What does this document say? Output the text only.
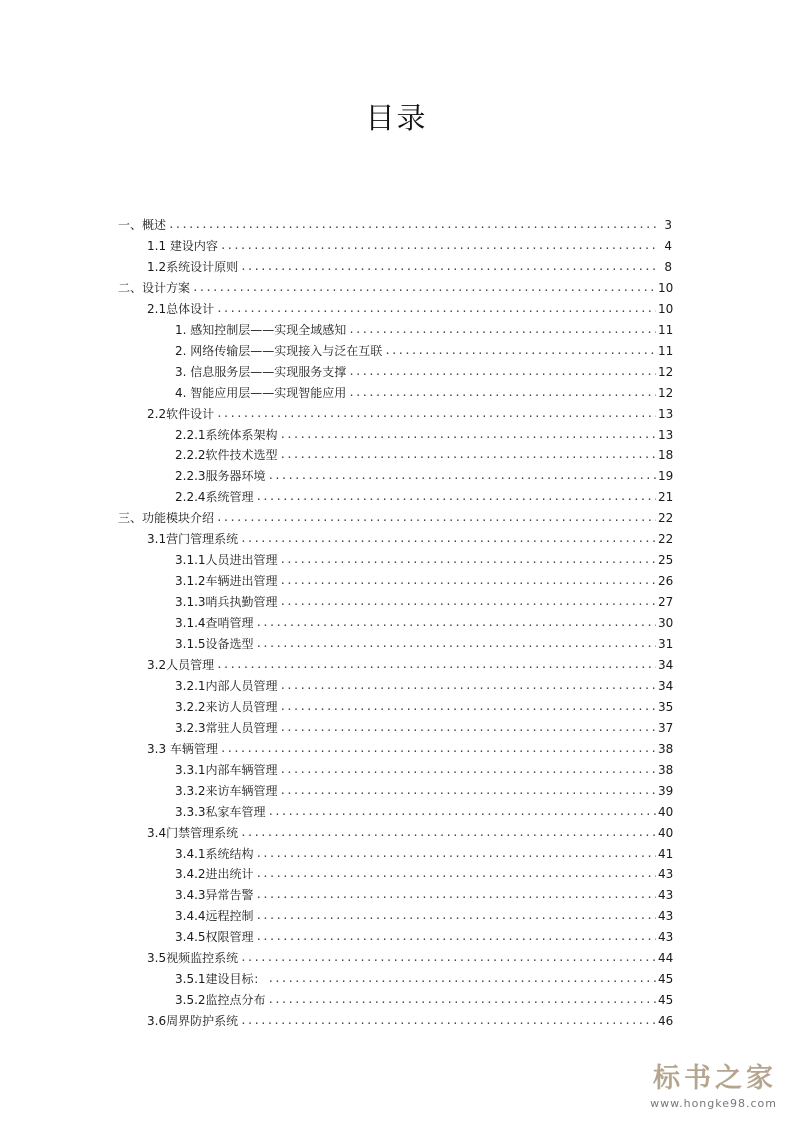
目录
一、 概述 .....	3
1.1 建设内容 .....	4
1.2系统设计原则 .....	8
二、 设计方案 .....	10
2.1总体设计 .....	10
1. 感知控制层——实现全域感知 .....	11
2. 网络传输层——实现接入与泛在互联 .....	11
3. 信息服务层——实现服务支撑 .....	12
4. 智能应用层——实现智能应用 .....	12
2.2软件设计 .....	13
2.2.1系统体系架构 .....	13
2.2.2软件技术选型 .....	18
2.2.3服务器环境 .....	19
2.2.4系统管理 .....	21
三、 功能模块介绍 .....	22
3.1营门管理系统 .....	22
3.1.1人员进出管理 .....	25
3.1.2车辆进出管理 .....	26
3.1.3哨兵执勤管理 .....	27
3.1.4查哨管理 .....	30
3.1.5设备选型 .....	31
3.2人员管理 .....	34
3.2.1内部人员管理 .....	34
3.2.2来访人员管理 .....	35
3.2.3常驻人员管理 .....	37
3.3 车辆管理 .....	38
3.3.1内部车辆管理 .....	38
3.3.2来访车辆管理 .....	39
3.3.3私家车管理 .....	40
3.4门禁管理系统 .....	40
3.4.1系统结构 .....	41
3.4.2进出统计 .....	43
3.4.3异常告警 .....	43
3.4.4远程控制 .....	43
3.4.5权限管理 .....	43
3.5视频监控系统 .....	44
3.5.1建设目标： .....	45
3.5.2监控点分布 .....	45
3.6周界防护系统 .....	46
标书之家
www.hongke98.com
